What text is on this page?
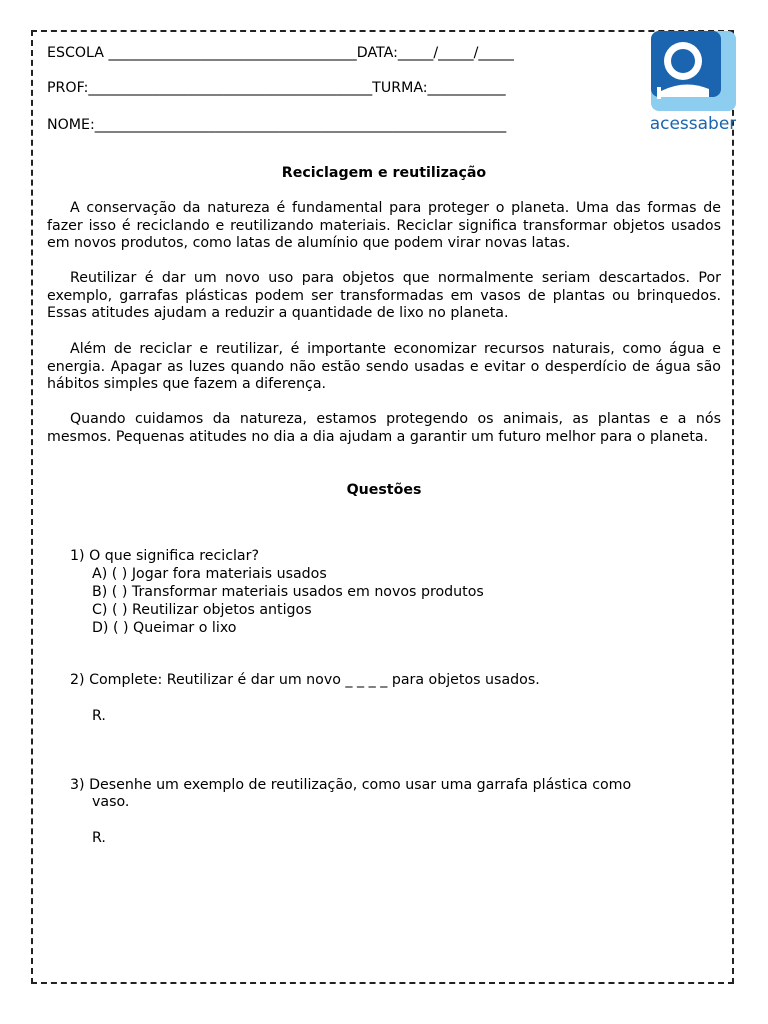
ESCOLA ___________________________________DATA:_____/_____/_____
PROF:________________________________________TURMA:___________
NOME:__________________________________________________________	acessaber
Reciclagem e reutilização

A conservação da natureza é fundamental para proteger o planeta. Uma das formas de fazer isso é reciclando e reutilizando materiais. Reciclar significa transformar objetos usados em novos produtos, como latas de alumínio que podem virar novas latas.

Reutilizar é dar um novo uso para objetos que normalmente seriam descartados. Por exemplo, garrafas plásticas podem ser transformadas em vasos de plantas ou brinquedos. Essas atitudes ajudam a reduzir a quantidade de lixo no planeta.

Além de reciclar e reutilizar, é importante economizar recursos naturais, como água e energia. Apagar as luzes quando não estão sendo usadas e evitar o desperdício de água são hábitos simples que fazem a diferença.

Quando cuidamos da natureza, estamos protegendo os animais, as plantas e a nós mesmos. Pequenas atitudes no dia a dia ajudam a garantir um futuro melhor para o planeta.

Questões
1) O que significa reciclar?
A) ( ) Jogar fora materiais usados
B) ( ) Transformar materiais usados em novos produtos
C) ( ) Reutilizar objetos antigos
D) ( ) Queimar o lixo
2) Complete: Reutilizar é dar um novo _ _ _ _ para objetos usados.
R.
3) Desenhe um exemplo de reutilização, como usar uma garrafa plástica como
vaso.
R.
